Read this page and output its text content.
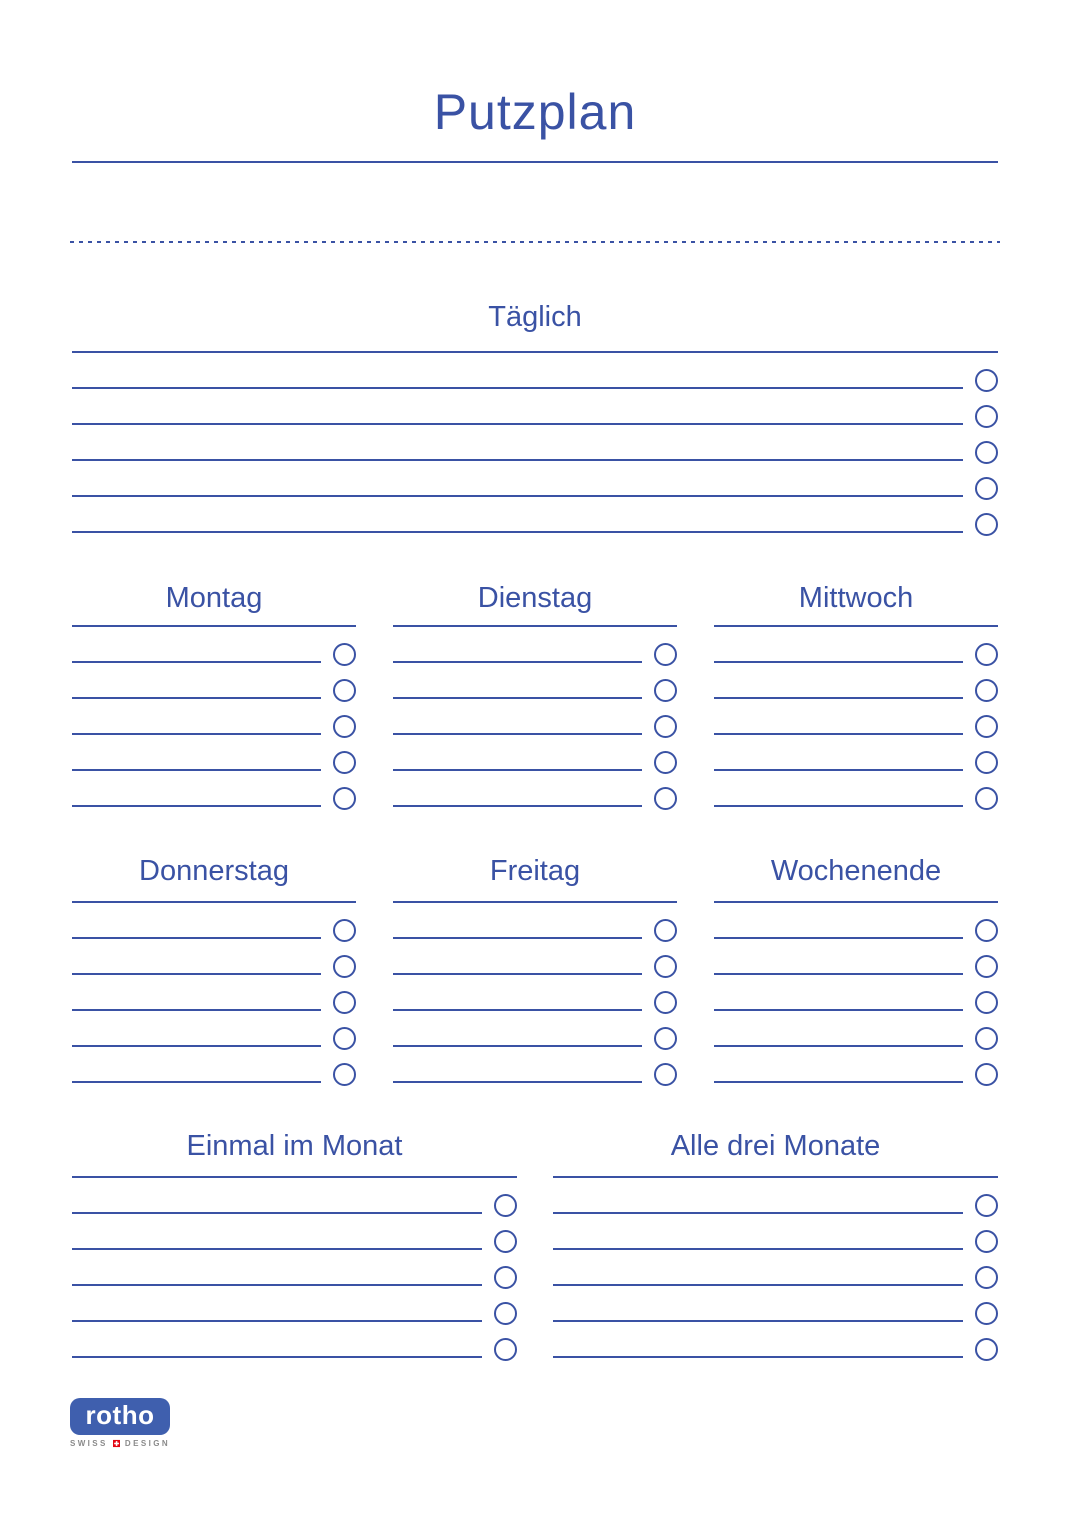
Putzplan
Täglich
Montag	Dienstag	Mittwoch
Donnerstag	Freitag	Wochenende
Einmal im Monat	Alle drei Monate
rotho
SWISS DESIGN
